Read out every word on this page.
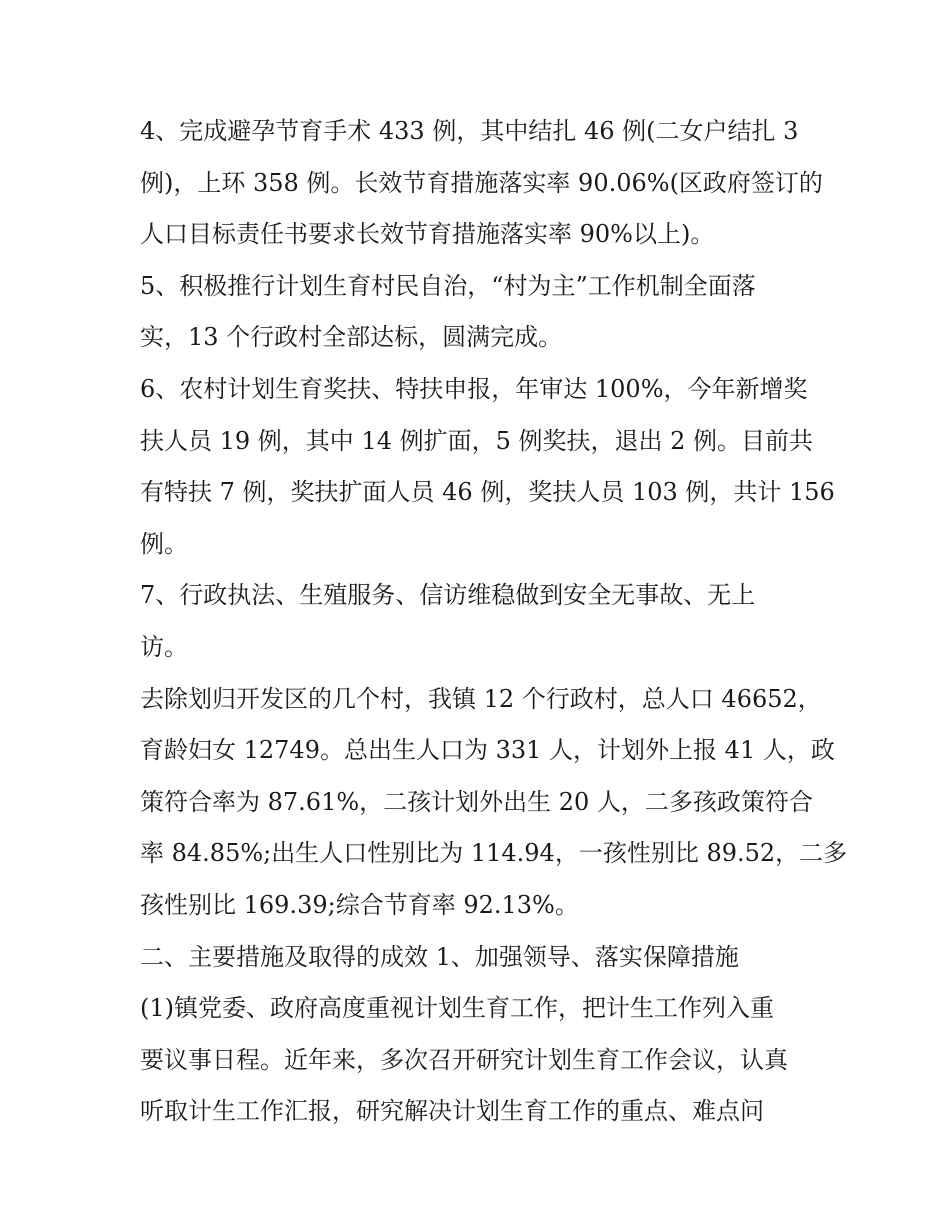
4、完成避孕节育手术 433 例，其中结扎 46 例(二女户结扎 3
例)，上环 358 例。长效节育措施落实率 90.06%(区政府签订的
人口目标责任书要求长效节育措施落实率 90%以上)。
5、积极推行计划生育村民自治，“村为主”工作机制全面落
实，13 个行政村全部达标，圆满完成。
6、农村计划生育奖扶、特扶申报，年审达 100%，今年新增奖
扶人员 19 例，其中 14 例扩面，5 例奖扶，退出 2 例。目前共
有特扶 7 例，奖扶扩面人员 46 例，奖扶人员 103 例，共计 156
例。
7、行政执法、生殖服务、信访维稳做到安全无事故、无上
访。
去除划归开发区的几个村，我镇 12 个行政村，总人口 46652，
育龄妇女 12749。总出生人口为 331 人，计划外上报 41 人，政
策符合率为 87.61%，二孩计划外出生 20 人，二多孩政策符合
率 84.85%;出生人口性别比为 114.94，一孩性别比 89.52，二多
孩性别比 169.39;综合节育率 92.13%。
二、主要措施及取得的成效 1、加强领导、落实保障措施
(1)镇党委、政府高度重视计划生育工作，把计生工作列入重
要议事日程。近年来，多次召开研究计划生育工作会议，认真
听取计生工作汇报，研究解决计划生育工作的重点、难点问
